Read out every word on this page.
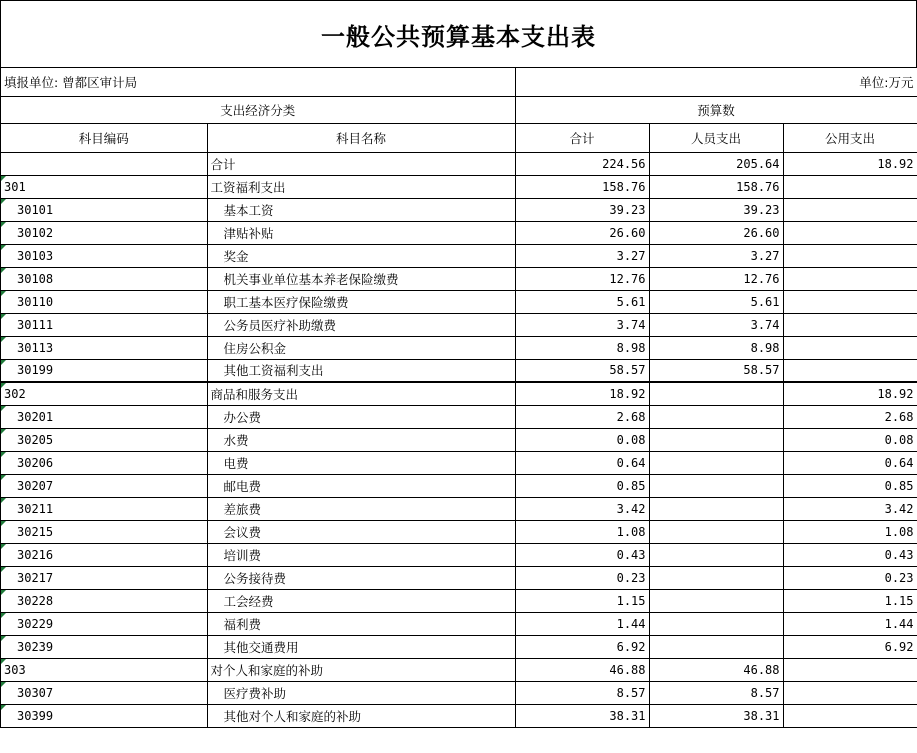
一般公共预算基本支出表
填报单位: 曾都区审计局		单位:万元		
支出经济分类		预算数		
科目编码	科目名称	合计	人员支出	公用支出
	合计	224.56	205.64	18.92
301	工资福利支出	158.76	158.76	
30101	基本工资	39.23	39.23	
30102	津贴补贴	26.60	26.60	
30103	奖金	3.27	3.27	
30108	机关事业单位基本养老保险缴费	12.76	12.76	
30110	职工基本医疗保险缴费	5.61	5.61	
30111	公务员医疗补助缴费	3.74	3.74	
30113	住房公积金	8.98	8.98	
30199	其他工资福利支出	58.57	58.57	
302	商品和服务支出	18.92		18.92
30201	办公费	2.68		2.68
30205	水费	0.08		0.08
30206	电费	0.64		0.64
30207	邮电费	0.85		0.85
30211	差旅费	3.42		3.42
30215	会议费	1.08		1.08
30216	培训费	0.43		0.43
30217	公务接待费	0.23		0.23
30228	工会经费	1.15		1.15
30229	福利费	1.44		1.44
30239	其他交通费用	6.92		6.92
303	对个人和家庭的补助	46.88	46.88	
30307	医疗费补助	8.57	8.57	
30399	其他对个人和家庭的补助	38.31	38.31	
